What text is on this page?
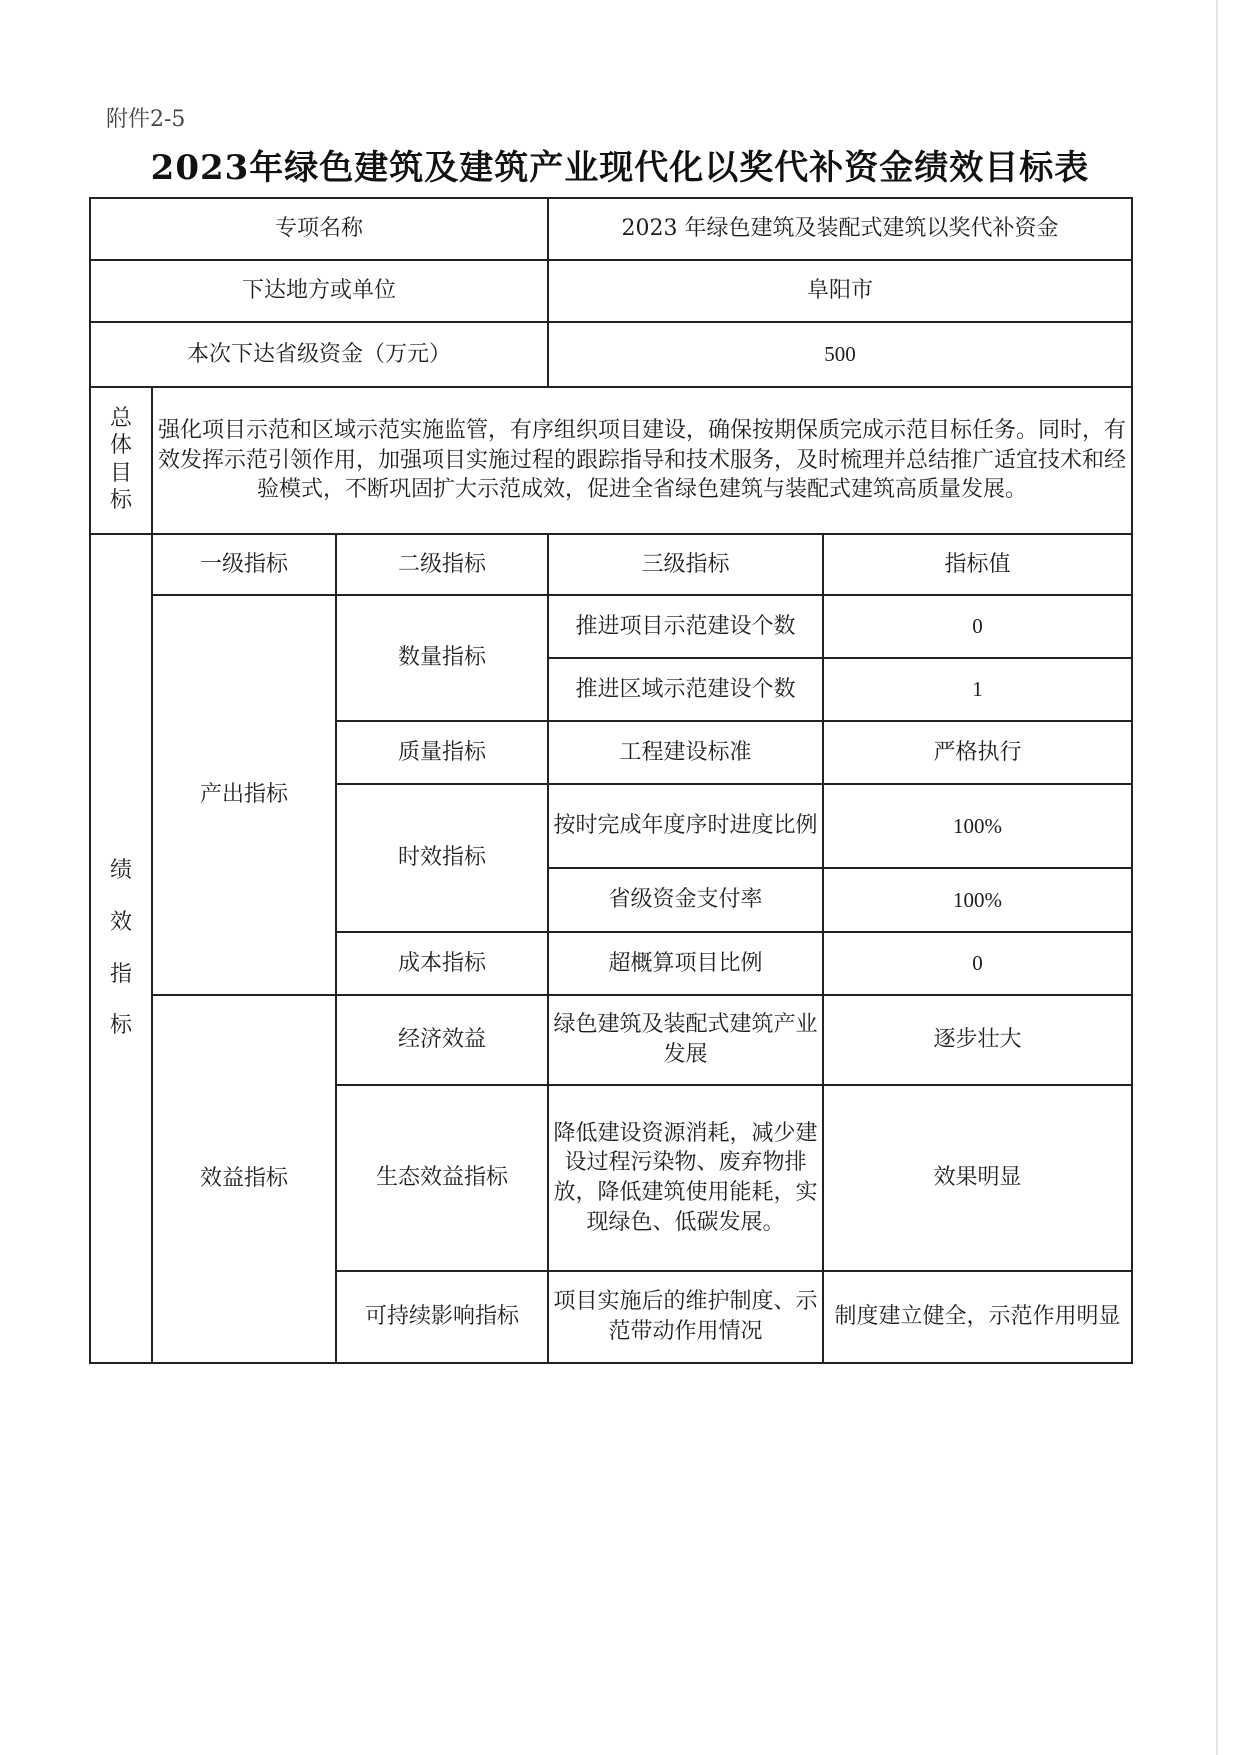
附件2-5
2023年绿色建筑及建筑产业现代化以奖代补资金绩效目标表
专项名称			2023 年绿色建筑及装配式建筑以奖代补资金	
下达地方或单位			阜阳市	
本次下达省级资金（万元）			500	

总
体
目
标	强化项目示范和区域示范实施监管，有序组织项目建设，确保按期保质完成示范目标任务。同时，有效发挥示范引领作用，加强项目实施过程的跟踪指导和技术服务，及时梳理并总结推广适宜技术和经验模式，不断巩固扩大示范成效，促进全省绿色建筑与装配式建筑高质量发展。			

绩
效
指
标	一级指标	二级指标	三级指标	指标值
	产出指标	数量指标	推进项目示范建设个数	0
			推进区域示范建设个数	1
		质量指标	工程建设标准	严格执行
		时效指标	按时完成年度序时进度比例	100%
			省级资金支付率	100%
		成本指标	超概算项目比例	0
	效益指标	经济效益	绿色建筑及装配式建筑产业发展	逐步壮大
		生态效益指标	降低建设资源消耗，减少建设过程污染物、废弃物排放，降低建筑使用能耗，实现绿色、低碳发展。	效果明显
		可持续影响指标	项目实施后的维护制度、示范带动作用情况	制度建立健全，示范作用明显
